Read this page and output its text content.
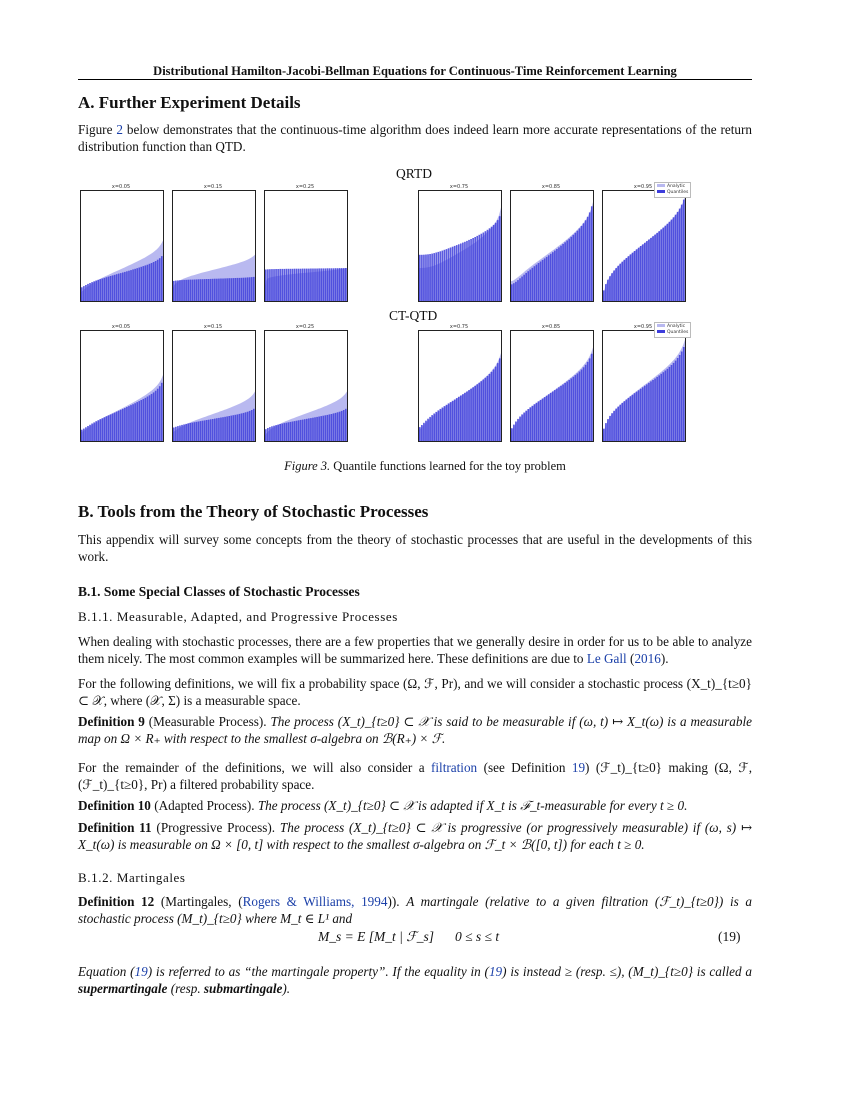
Distributional Hamilton-Jacobi-Bellman Equations for Continuous-Time Reinforcement Learning
A. Further Experiment Details
Figure 2 below demonstrates that the continuous-time algorithm does indeed learn more accurate representations of the return distribution function than QTD.
QRTD
CT-QTD
x=0.05	x=0.15	x=0.25	x=0.75	x=0.85	x=0.95	Analytic
Quantiles
x=0.05	x=0.15	x=0.25	x=0.75	x=0.85	x=0.95	Analytic
Quantiles
Figure 3. Quantile functions learned for the toy problem
B. Tools from the Theory of Stochastic Processes
This appendix will survey some concepts from the theory of stochastic processes that are useful in the developments of this work.
B.1. Some Special Classes of Stochastic Processes
B.1.1. Measurable, Adapted, and Progressive Processes
When dealing with stochastic processes, there are a few properties that we generally desire in order for us to be able to analyze them nicely. The most common examples will be summarized here. These definitions are due to Le Gall (2016).
For the following definitions, we will fix a probability space (Ω, ℱ, Pr), and we will consider a stochastic process (X_t)_{t≥0} ⊂ 𝒳, where (𝒳, Σ) is a measurable space.
Definition 9 (Measurable Process). The process (X_t)_{t≥0} ⊂ 𝒳 is said to be measurable if (ω, t) ↦ X_t(ω) is a measurable map on Ω × R₊ with respect to the smallest σ-algebra on ℬ(R₊) × ℱ.
For the remainder of the definitions, we will also consider a filtration (see Definition 19) (ℱ_t)_{t≥0} making (Ω, ℱ, (ℱ_t)_{t≥0}, Pr) a filtered probability space.
Definition 10 (Adapted Process). The process (X_t)_{t≥0} ⊂ 𝒳 is adapted if X_t is ℱ_t-measurable for every t ≥ 0.
Definition 11 (Progressive Process). The process (X_t)_{t≥0} ⊂ 𝒳 is progressive (or progressively measurable) if (ω, s) ↦ X_t(ω) is measurable on Ω × [0, t] with respect to the smallest σ-algebra on ℱ_t × ℬ([0, t]) for each t ≥ 0.
B.1.2. Martingales
Definition 12 (Martingales, (Rogers & Williams, 1994)). A martingale (relative to a given filtration (ℱ_t)_{t≥0}) is a stochastic process (M_t)_{t≥0} where M_t ∈ L¹ and
M_s = E [M_t | ℱ_s] 0 ≤ s ≤ t	(19)
Equation (19) is referred to as “the martingale property”. If the equality in (19) is instead ≥ (resp. ≤), (M_t)_{t≥0} is called a supermartingale (resp. submartingale).
